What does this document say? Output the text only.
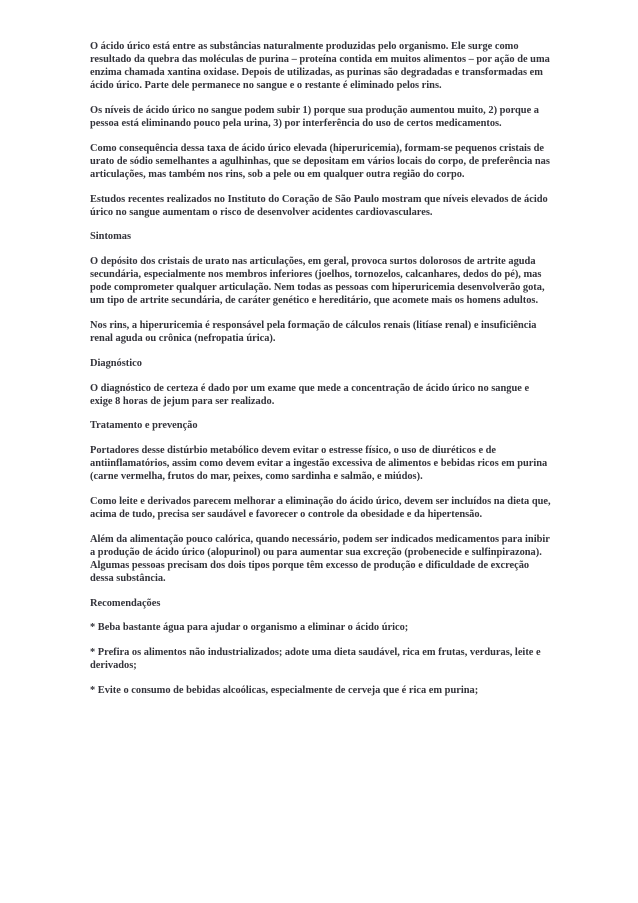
O ácido úrico está entre as substâncias naturalmente produzidas pelo organismo. Ele surge como resultado da quebra das moléculas de purina – proteína contida em muitos alimentos – por ação de uma enzima chamada xantina oxidase. Depois de utilizadas, as purinas são degradadas e transformadas em ácido úrico. Parte dele permanece no sangue e o restante é eliminado pelos rins.

Os níveis de ácido úrico no sangue podem subir 1) porque sua produção aumentou muito, 2) porque a pessoa está eliminando pouco pela urina, 3) por interferência do uso de certos medicamentos.

Como consequência dessa taxa de ácido úrico elevada (hiperuricemia), formam-se pequenos cristais de urato de sódio semelhantes a agulhinhas, que se depositam em vários locais do corpo, de preferência nas articulações, mas também nos rins, sob a pele ou em qualquer outra região do corpo.

Estudos recentes realizados no Instituto do Coração de São Paulo mostram que níveis elevados de ácido úrico no sangue aumentam o risco de desenvolver acidentes cardiovasculares.

Sintomas

O depósito dos cristais de urato nas articulações, em geral, provoca surtos dolorosos de artrite aguda secundária, especialmente nos membros inferiores (joelhos, tornozelos, calcanhares, dedos do pé), mas pode comprometer qualquer articulação. Nem todas as pessoas com hiperuricemia desenvolverão gota, um tipo de artrite secundária, de caráter genético e hereditário, que acomete mais os homens adultos.

Nos rins, a hiperuricemia é responsável pela formação de cálculos renais (litíase renal) e insuficiência renal aguda ou crônica (nefropatia úrica).

Diagnóstico

O diagnóstico de certeza é dado por um exame que mede a concentração de ácido úrico no sangue e exige 8 horas de jejum para ser realizado.

Tratamento e prevenção

Portadores desse distúrbio metabólico devem evitar o estresse físico, o uso de diuréticos e de antiinflamatórios, assim como devem evitar a ingestão excessiva de alimentos e bebidas ricos em purina (carne vermelha, frutos do mar, peixes, como sardinha e salmão, e miúdos).

Como leite e derivados parecem melhorar a eliminação do ácido úrico, devem ser incluídos na dieta que, acima de tudo, precisa ser saudável e favorecer o controle da obesidade e da hipertensão.

Além da alimentação pouco calórica, quando necessário, podem ser indicados medicamentos para inibir a produção de ácido úrico (alopurinol) ou para aumentar sua excreção (probenecide e sulfinpirazona). Algumas pessoas precisam dos dois tipos porque têm excesso de produção e dificuldade de excreção dessa substância.

Recomendações

* Beba bastante água para ajudar o organismo a eliminar o ácido úrico;

* Prefira os alimentos não industrializados; adote uma dieta saudável, rica em frutas, verduras, leite e derivados;

* Evite o consumo de bebidas alcoólicas, especialmente de cerveja que é rica em purina;
